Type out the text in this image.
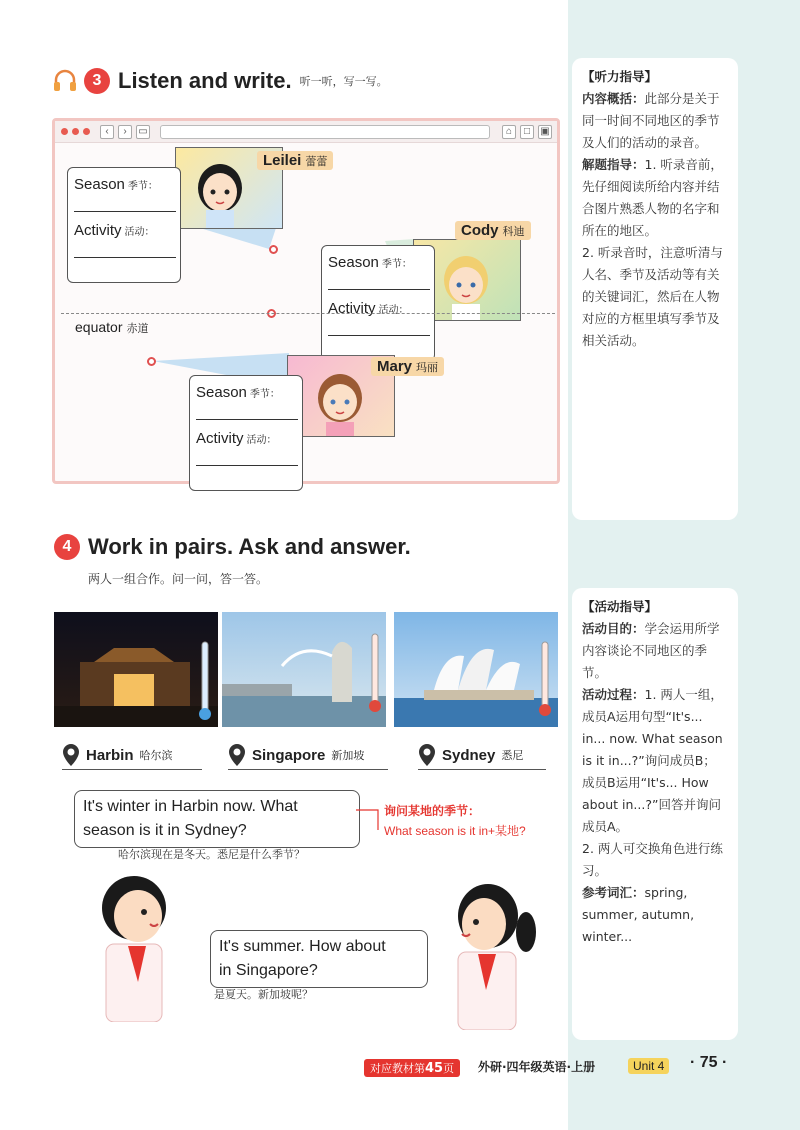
【听力指导】
内容概括：此部分是关于同一时间不同地区的季节及人们的活动的录音。
解题指导：1. 听录音前，先仔细阅读所给内容并结合图片熟悉人物的名字和所在的地区。
2. 听录音时，注意听清与人名、季节及活动等有关的关键词汇，然后在人物对应的方框里填写季节及相关活动。
【活动指导】
活动目的：学会运用所学内容谈论不同地区的季节。
活动过程：1. 两人一组，成员A运用句型“It's... in... now. What season is it in...?”询问成员B；成员B运用“It's... How about in...?”回答并询问成员A。
2. 两人可交换角色进行练习。
参考词汇：spring, summer, autumn, winter...
3 Listen and write. 听一听，写一写。
‹	›	▭	⌂	□	▣
Leilei 蕾蕾
Season 季节：
Activity 活动：	Cody 科迪
Season 季节：
Activity 活动：
equator 赤道
Mary 玛丽
Season 季节：
Activity 活动：
4 Work in pairs. Ask and answer.
两人一组合作。问一问，答一答。
Harbin 哈尔滨	Singapore 新加坡	Sydney 悉尼
It's winter in Harbin now. What
season is it in Sydney?
哈尔滨现在是冬天。悉尼是什么季节？
询问某地的季节：
What season is it in+某地?
It's summer. How about
in Singapore?
是夏天。新加坡呢？
对应教材第45页	外研·四年级英语·上册	Unit 4	· 75 ·
